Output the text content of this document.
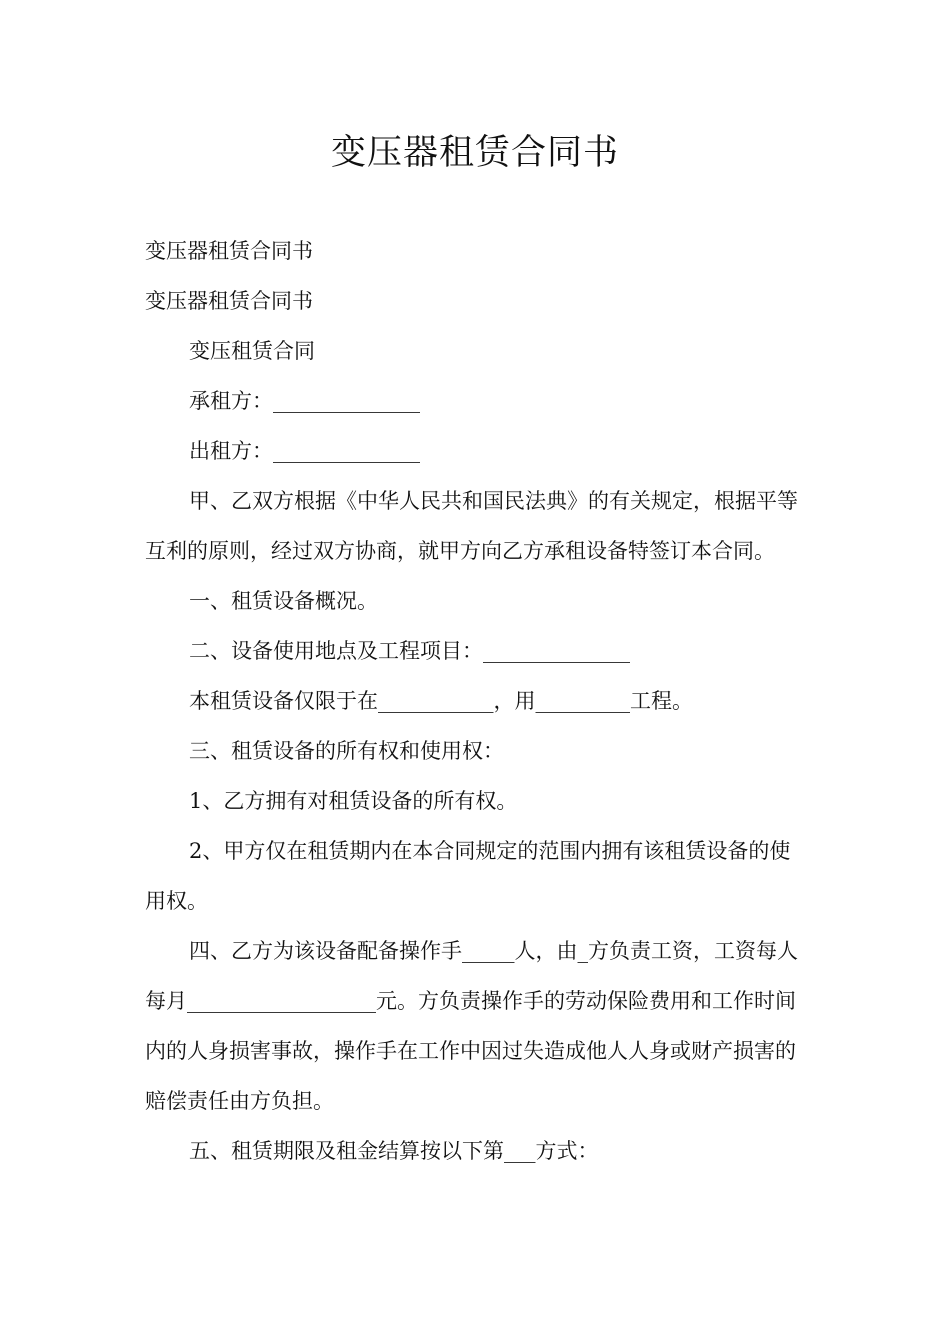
变压器租赁合同书

变压器租赁合同书

变压器租赁合同书

变压租赁合同

承租方：______________

出租方：______________

甲、乙双方根据《中华人民共和国民法典》的有关规定，根据平等互利的原则，经过双方协商，就甲方向乙方承租设备特签订本合同。

一、租赁设备概况。

二、设备使用地点及工程项目：______________

本租赁设备仅限于在___________，用_________工程。

三、租赁设备的所有权和使用权：

1、乙方拥有对租赁设备的所有权。

2、甲方仅在租赁期内在本合同规定的范围内拥有该租赁设备的使用权。

四、乙方为该设备配备操作手_____人，由_方负责工资，工资每人每月__________________元。方负责操作手的劳动保险费用和工作时间内的人身损害事故，操作手在工作中因过失造成他人人身或财产损害的赔偿责任由方负担。

五、租赁期限及租金结算按以下第___方式：
